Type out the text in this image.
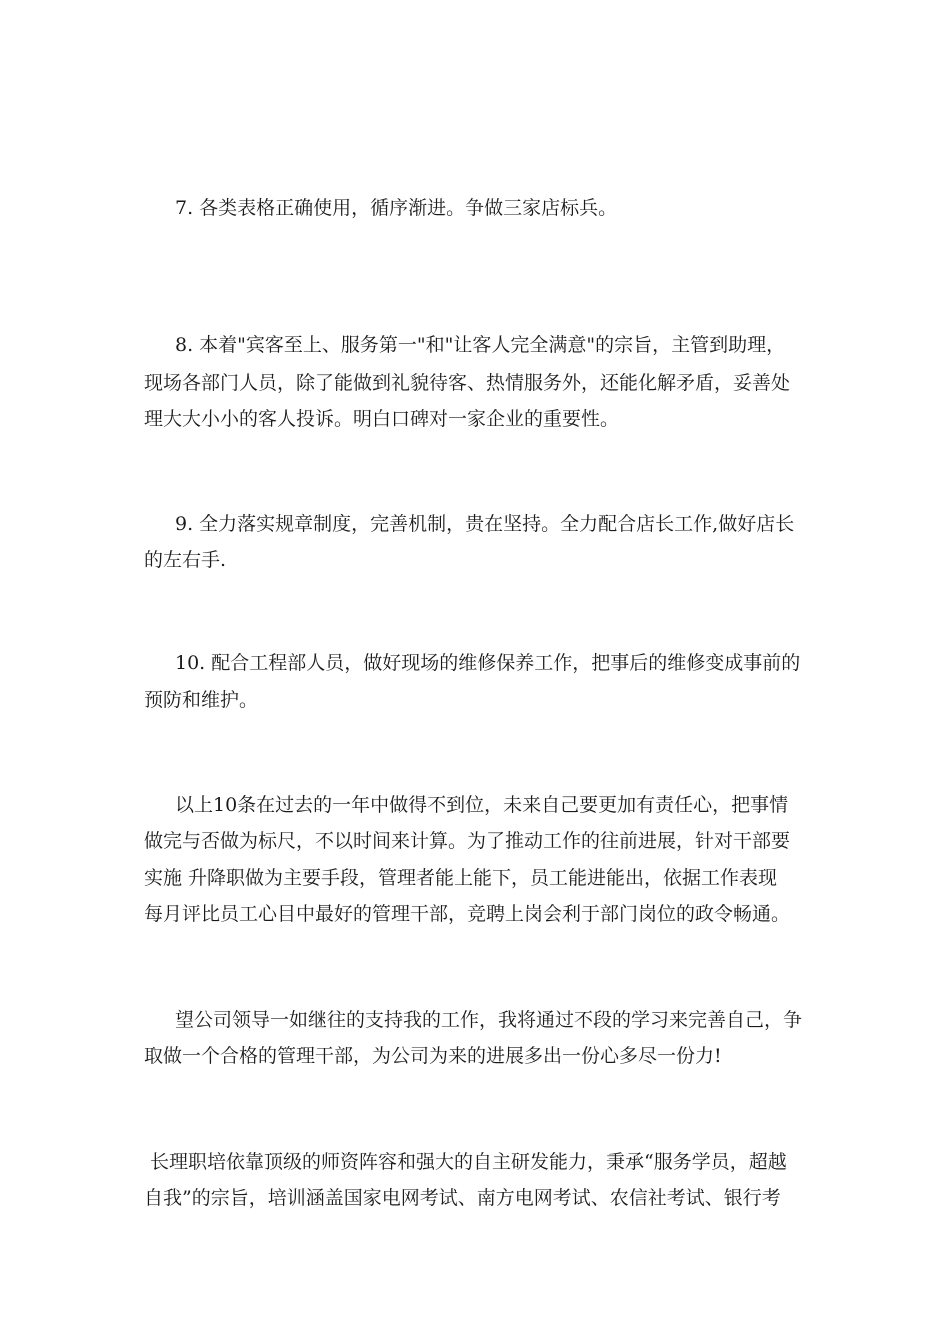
7. 各类表格正确使用，循序渐进。争做三家店标兵。

8. 本着"宾客至上、服务第一"和"让客人完全满意"的宗旨，主管到助理，

现场各部门人员，除了能做到礼貌待客、热情服务外，还能化解矛盾，妥善处

理大大小小的客人投诉。明白口碑对一家企业的重要性。

9. 全力落实规章制度，完善机制，贵在坚持。全力配合店长工作,做好店长

的左右手.

10. 配合工程部人员，做好现场的维修保养工作，把事后的维修变成事前的

预防和维护。

以上10条在过去的一年中做得不到位，未来自己要更加有责任心，把事情

做完与否做为标尺，不以时间来计算。为了推动工作的往前进展，针对干部要

实施 升降职做为主要手段，管理者能上能下，员工能进能出，依据工作表现

每月评比员工心目中最好的管理干部，竞聘上岗会利于部门岗位的政令畅通。

望公司领导一如继往的支持我的工作，我将通过不段的学习来完善自己，争

取做一个合格的管理干部，为公司为来的进展多出一份心多尽一份力!

长理职培依靠顶级的师资阵容和强大的自主研发能力，秉承“服务学员，超越

自我”的宗旨，培训涵盖国家电网考试、南方电网考试、农信社考试、银行考
